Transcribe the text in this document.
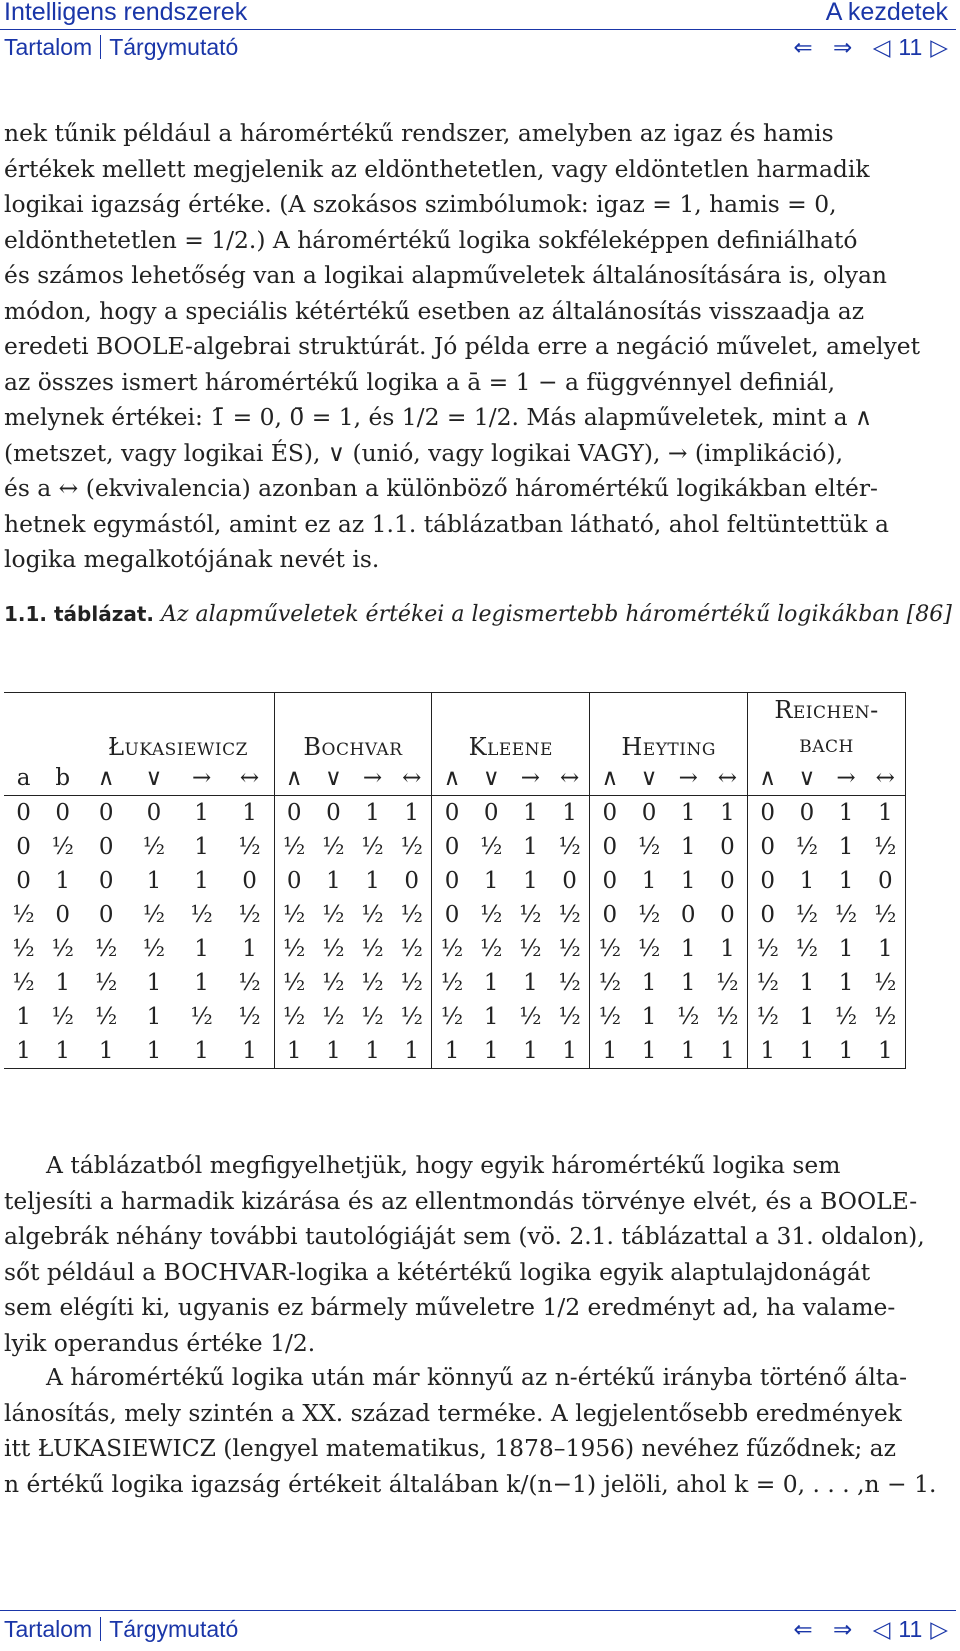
Intelligens rendszerek	A kezdetek
Tartalom Tárgymutató	⇐ ⇒ ◁ 11 ▷
nek tűnik például a háromértékű rendszer, amelyben az igaz és hamis
értékek mellett megjelenik az eldönthetetlen, vagy eldöntetlen harmadik
logikai igazság értéke. (A szokásos szimbólumok: igaz = 1, hamis = 0,
eldönthetetlen = 1/2.) A háromértékű logika sokféleképpen definiálható
és számos lehetőség van a logikai alapműveletek általánosítására is, olyan
módon, hogy a speciális kétértékű esetben az általánosítás visszaadja az
eredeti BOOLE-algebrai struktúrát. Jó példa erre a negáció művelet, amelyet
az összes ismert háromértékű logika a ā = 1 − a függvénnyel definiál,
melynek értékei: 1̄ = 0, 0̄ = 1, és 1/2 = 1/2. Más alapműveletek, mint a ∧
(metszet, vagy logikai ÉS), ∨ (unió, vagy logikai VAGY), → (implikáció),
és a ↔ (ekvivalencia) azonban a különböző háromértékű logikákban eltér-
hetnek egymástól, amint ez az 1.1. táblázatban látható, ahol feltüntettük a
logika megalkotójának nevét is.
1.1. táblázat. Az alapműveletek értékei a legismertebb háromértékű logikákban [86]
		Łukasiewicz				Bochvar				Kleene				Heyting				Reichen-
bach			
a	b	∧	∨	→	↔	∧	∨	→	↔	∧	∨	→	↔	∧	∨	→	↔	∧	∨	→	↔
0	0	0	0	1	1	0	0	1	1	0	0	1	1	0	0	1	1	0	0	1	1
0	½	0	½	1	½	½	½	½	½	0	½	1	½	0	½	1	0	0	½	1	½
0	1	0	1	1	0	0	1	1	0	0	1	1	0	0	1	1	0	0	1	1	0
½	0	0	½	½	½	½	½	½	½	0	½	½	½	0	½	0	0	0	½	½	½
½	½	½	½	1	1	½	½	½	½	½	½	½	½	½	½	1	1	½	½	1	1
½	1	½	1	1	½	½	½	½	½	½	1	1	½	½	1	1	½	½	1	1	½
1	½	½	1	½	½	½	½	½	½	½	1	½	½	½	1	½	½	½	1	½	½
1	1	1	1	1	1	1	1	1	1	1	1	1	1	1	1	1	1	1	1	1	1
A táblázatból megfigyelhetjük, hogy egyik háromértékű logika sem
teljesíti a harmadik kizárása és az ellentmondás törvénye elvét, és a BOOLE-
algebrák néhány további tautológiáját sem (vö. 2.1. táblázattal a 31. oldalon),
sőt például a BOCHVAR-logika a kétértékű logika egyik alaptulajdonágát
sem elégíti ki, ugyanis ez bármely műveletre 1/2 eredményt ad, ha valame-
lyik operandus értéke 1/2.
A háromértékű logika után már könnyű az n-értékű irányba történő álta-
lánosítás, mely szintén a XX. század terméke. A legjelentősebb eredmények
itt ŁUKASIEWICZ (lengyel matematikus, 1878–1956) nevéhez fűződnek; az
n értékű logika igazság értékeit általában k/(n−1) jelöli, ahol k = 0, . . . ,n − 1.
Tartalom Tárgymutató	⇐ ⇒ ◁ 11 ▷
